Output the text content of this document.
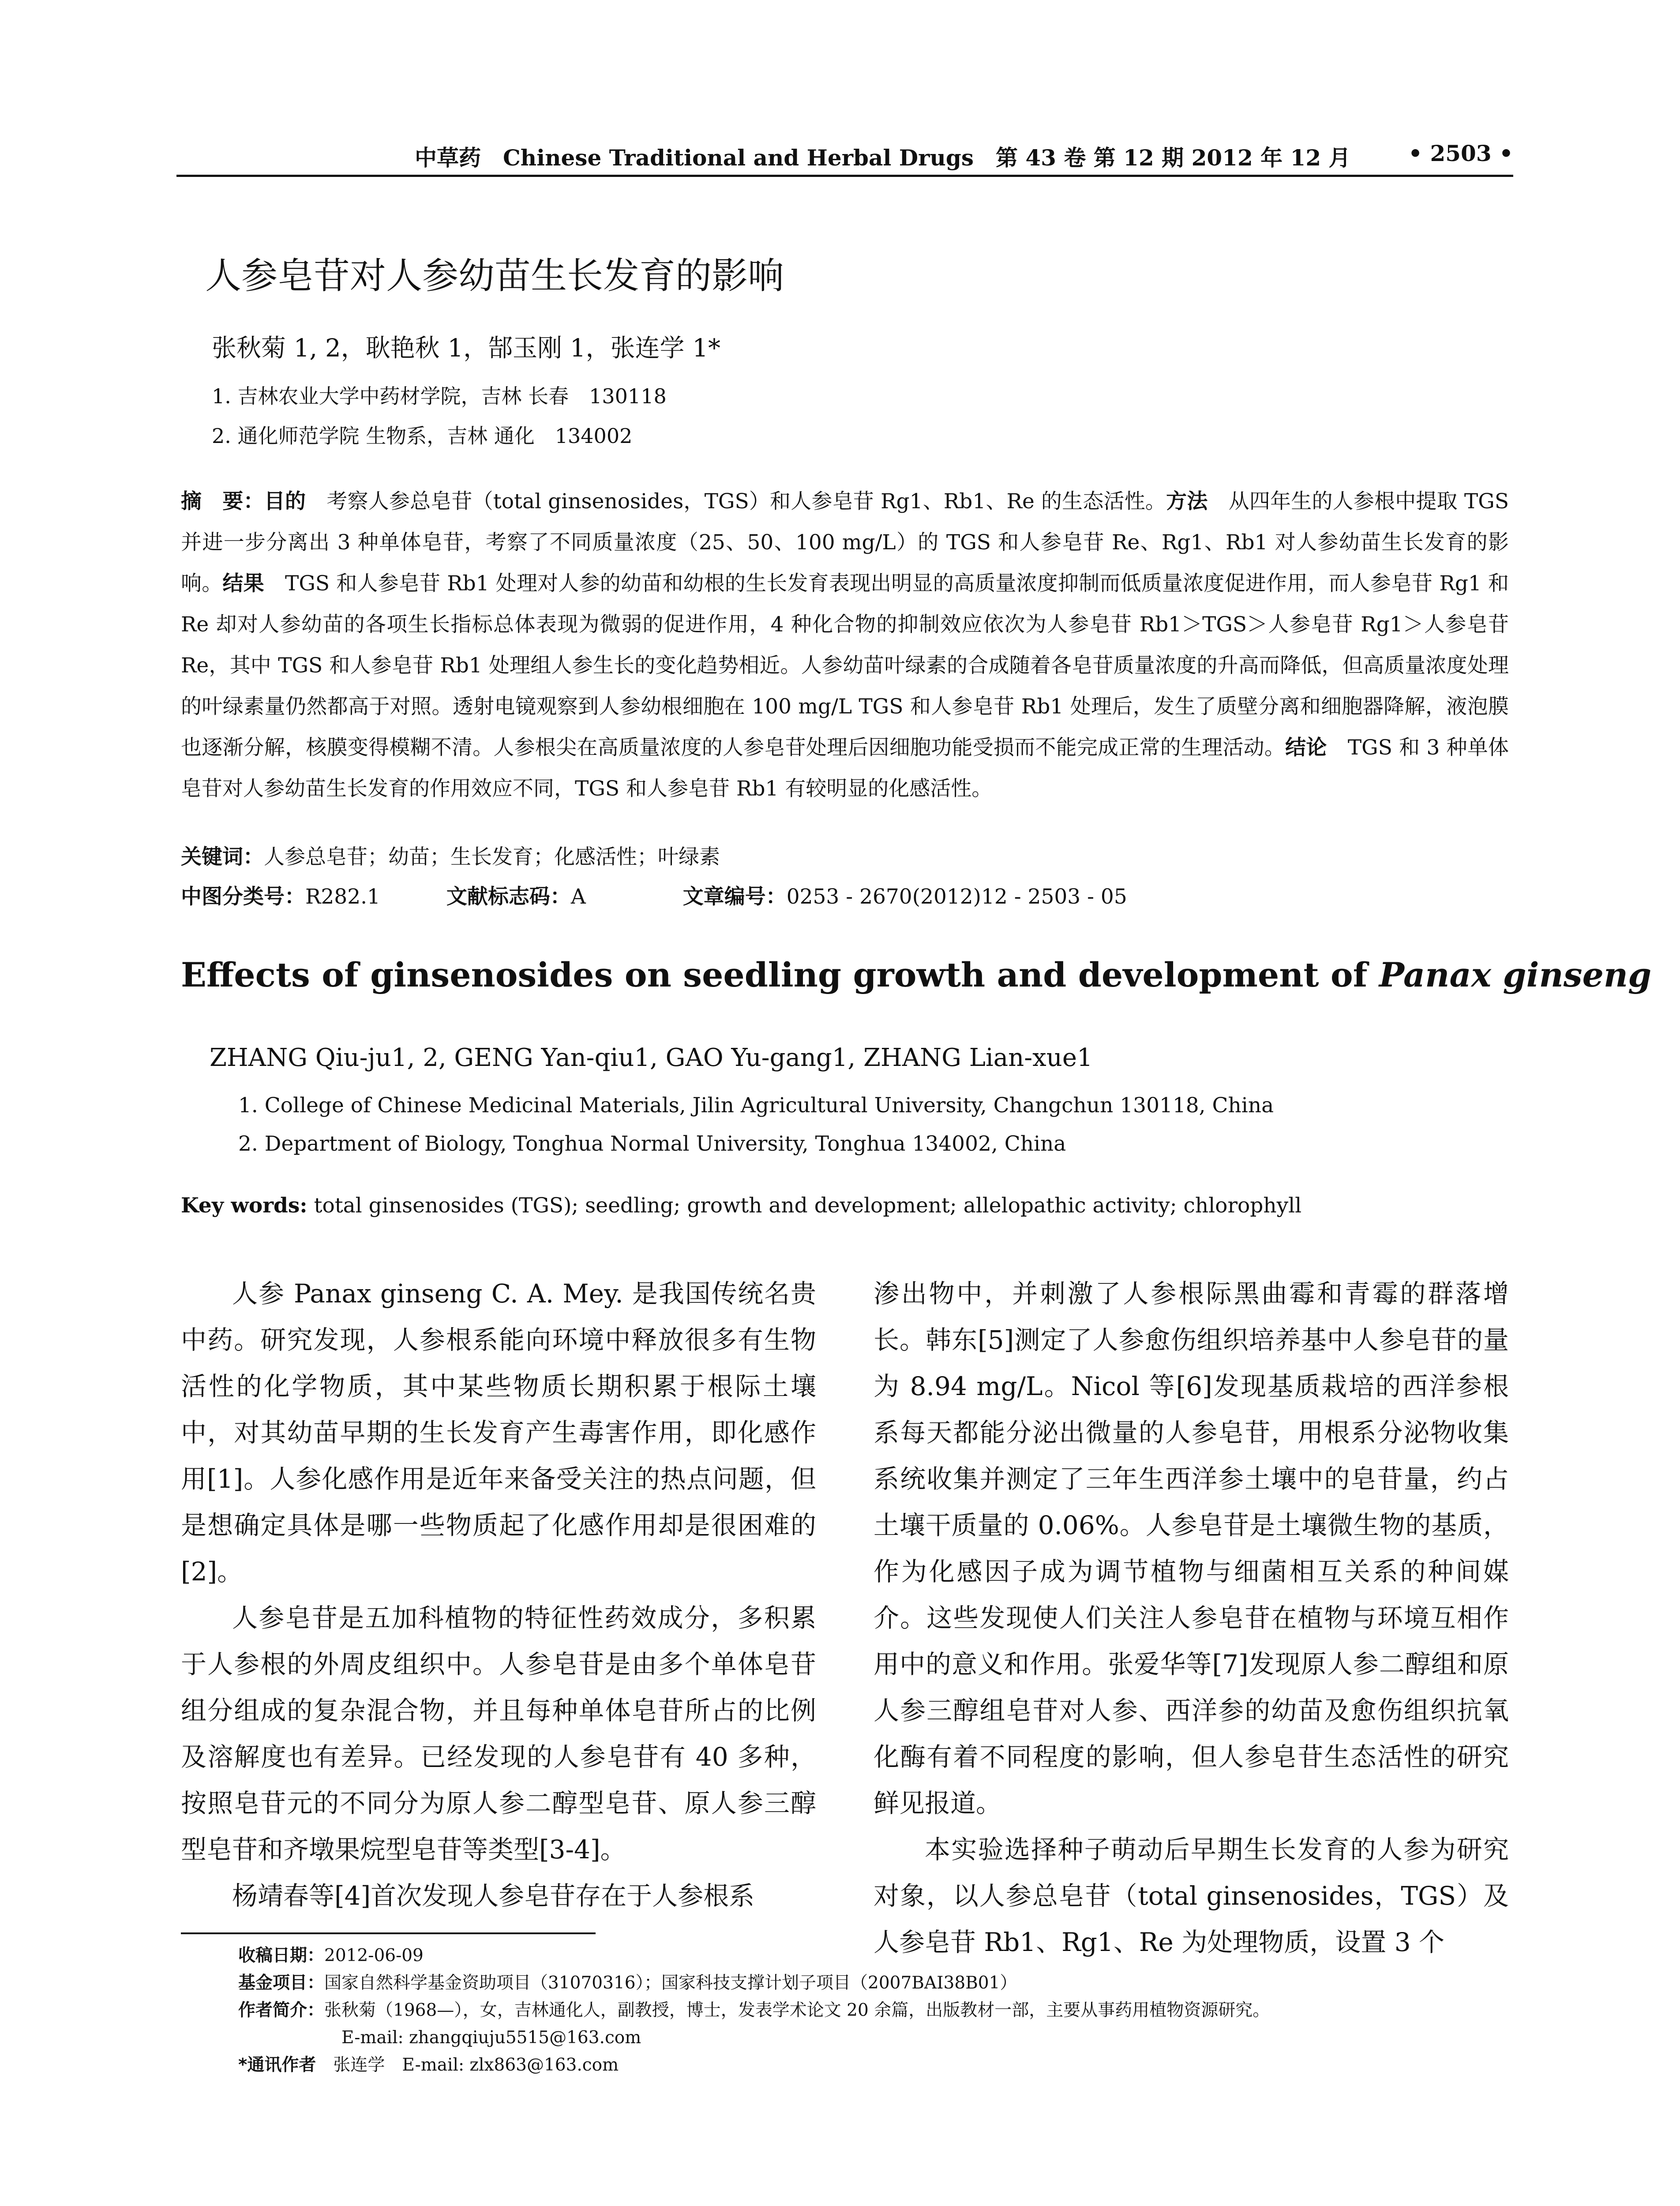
中草药　Chinese Traditional and Herbal Drugs　第 43 卷 第 12 期 2012 年 12 月	• 2503 •
人参皂苷对人参幼苗生长发育的影响
张秋菊 1, 2，耿艳秋 1，郜玉刚 1，张连学 1*
1. 吉林农业大学中药材学院，吉林 长春　130118
2. 通化师范学院 生物系，吉林 通化　134002
摘　要：目的　考察人参总皂苷（total ginsenosides，TGS）和人参皂苷 Rg1、Rb1、Re 的生态活性。方法　从四年生的人参根中提取 TGS 并进一步分离出 3 种单体皂苷，考察了不同质量浓度（25、50、100 mg/L）的 TGS 和人参皂苷 Re、Rg1、Rb1 对人参幼苗生长发育的影响。结果　TGS 和人参皂苷 Rb1 处理对人参的幼苗和幼根的生长发育表现出明显的高质量浓度抑制而低质量浓度促进作用，而人参皂苷 Rg1 和 Re 却对人参幼苗的各项生长指标总体表现为微弱的促进作用，4 种化合物的抑制效应依次为人参皂苷 Rb1＞TGS＞人参皂苷 Rg1＞人参皂苷 Re，其中 TGS 和人参皂苷 Rb1 处理组人参生长的变化趋势相近。人参幼苗叶绿素的合成随着各皂苷质量浓度的升高而降低，但高质量浓度处理的叶绿素量仍然都高于对照。透射电镜观察到人参幼根细胞在 100 mg/L TGS 和人参皂苷 Rb1 处理后，发生了质壁分离和细胞器降解，液泡膜也逐渐分解，核膜变得模糊不清。人参根尖在高质量浓度的人参皂苷处理后因细胞功能受损而不能完成正常的生理活动。结论　TGS 和 3 种单体皂苷对人参幼苗生长发育的作用效应不同，TGS 和人参皂苷 Rb1 有较明显的化感活性。
关键词：人参总皂苷；幼苗；生长发育；化感活性；叶绿素
中图分类号：R282.1	文献标志码：A	文章编号：0253 - 2670(2012)12 - 2503 - 05
Effects of ginsenosides on seedling growth and development of Panax ginseng
ZHANG Qiu-ju1, 2, GENG Yan-qiu1, GAO Yu-gang1, ZHANG Lian-xue1
1. College of Chinese Medicinal Materials, Jilin Agricultural University, Changchun 130118, China
2. Department of Biology, Tonghua Normal University, Tonghua 134002, China
Key words: total ginsenosides (TGS); seedling; growth and development; allelopathic activity; chlorophyll

人参 Panax ginseng C. A. Mey. 是我国传统名贵中药。研究发现，人参根系能向环境中释放很多有生物活性的化学物质，其中某些物质长期积累于根际土壤中，对其幼苗早期的生长发育产生毒害作用，即化感作用[1]。人参化感作用是近年来备受关注的热点问题，但是想确定具体是哪一些物质起了化感作用却是很困难的[2]。

人参皂苷是五加科植物的特征性药效成分，多积累于人参根的外周皮组织中。人参皂苷是由多个单体皂苷组分组成的复杂混合物，并且每种单体皂苷所占的比例及溶解度也有差异。已经发现的人参皂苷有 40 多种，按照皂苷元的不同分为原人参二醇型皂苷、原人参三醇型皂苷和齐墩果烷型皂苷等类型[3-4]。

杨靖春等[4]首次发现人参皂苷存在于人参根系

渗出物中，并刺激了人参根际黑曲霉和青霉的群落增长。韩东[5]测定了人参愈伤组织培养基中人参皂苷的量为 8.94 mg/L。Nicol 等[6]发现基质栽培的西洋参根系每天都能分泌出微量的人参皂苷，用根系分泌物收集系统收集并测定了三年生西洋参土壤中的皂苷量，约占土壤干质量的 0.06%。人参皂苷是土壤微生物的基质，作为化感因子成为调节植物与细菌相互关系的种间媒介。这些发现使人们关注人参皂苷在植物与环境互相作用中的意义和作用。张爱华等[7]发现原人参二醇组和原人参三醇组皂苷对人参、西洋参的幼苗及愈伤组织抗氧化酶有着不同程度的影响，但人参皂苷生态活性的研究鲜见报道。

本实验选择种子萌动后早期生长发育的人参为研究对象，以人参总皂苷（total ginsenosides，TGS）及人参皂苷 Rb1、Rg1、Re 为处理物质，设置 3 个

收稿日期：2012-06-09
基金项目：国家自然科学基金资助项目（31070316）；国家科技支撑计划子项目（2007BAI38B01）
作者简介：张秋菊（1968—），女，吉林通化人，副教授，博士，发表学术论文 20 余篇，出版教材一部，主要从事药用植物资源研究。
E-mail: zhangqiuju5515@163.com
*通讯作者　张连学　E-mail: zlx863@163.com
